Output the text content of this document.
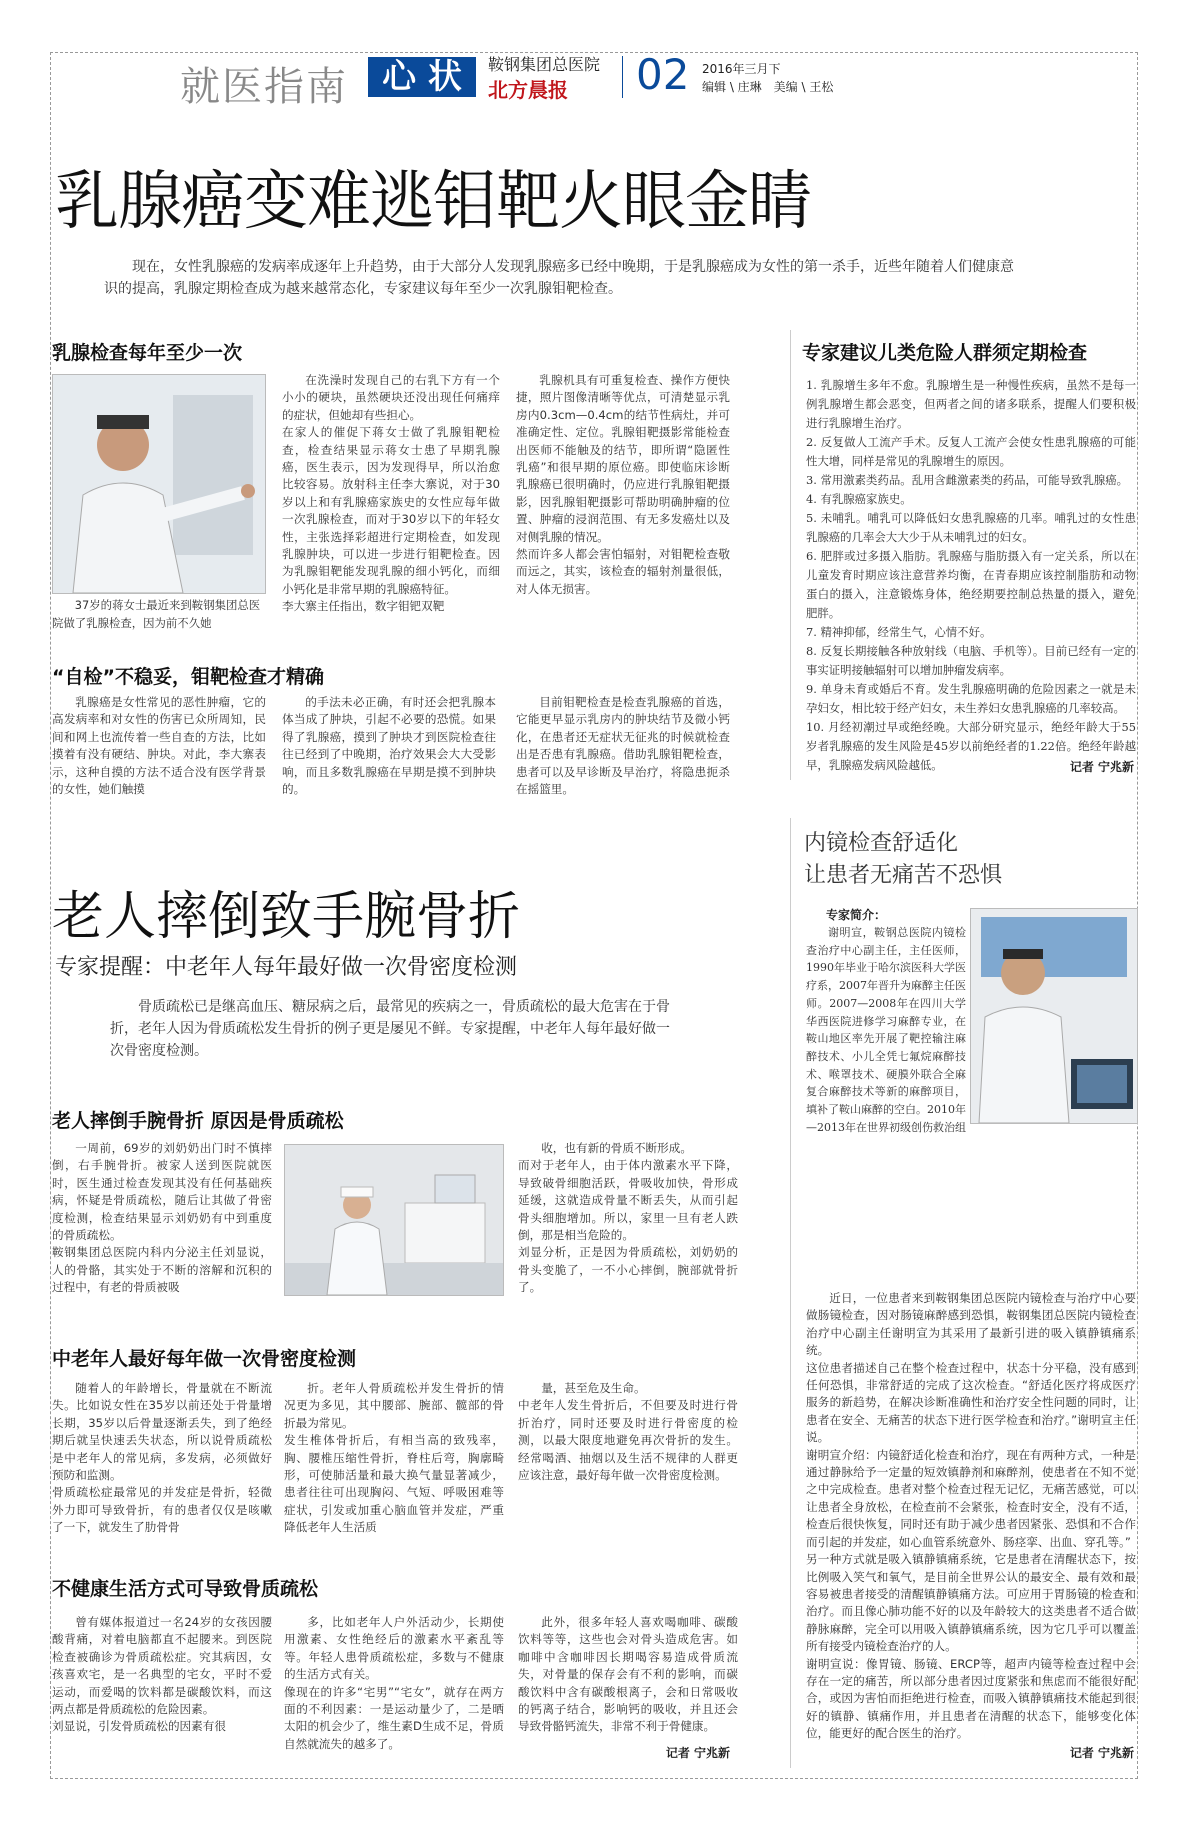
就医指南	心 状	鞍钢集团总医院
北方晨报 02 2016年三月下
编辑 \ 庄琳　美编 \ 王松
乳腺癌变难逃钼靶火眼金睛
现在，女性乳腺癌的发病率成逐年上升趋势，由于大部分人发现乳腺癌多已经中晚期，于是乳腺癌成为女性的第一杀手，近些年随着人们健康意识的提高，乳腺定期检查成为越来越常态化，专家建议每年至少一次乳腺钼靶检查。
乳腺检查每年至少一次
37岁的蒋女士最近来到鞍钢集团总医院做了乳腺检查，因为前不久她
在洗澡时发现自己的右乳下方有一个小小的硬块，虽然硬块还没出现任何痛痒的症状，但她却有些担心。
在家人的催促下蒋女士做了乳腺钼靶检查，检查结果显示蒋女士患了早期乳腺癌，医生表示，因为发现得早，所以治愈比较容易。放射科主任李大寨说，对于30岁以上和有乳腺癌家族史的女性应每年做一次乳腺检查，而对于30岁以下的年轻女性，主张选择彩超进行定期检查，如发现乳腺肿块，可以进一步进行钼靶检查。因为乳腺钼靶能发现乳腺的细小钙化，而细小钙化是非常早期的乳腺癌特征。
李大寨主任指出，数字钼钯双靶
乳腺机具有可重复检查、操作方便快捷，照片图像清晰等优点，可清楚显示乳房内0.3cm—0.4cm的结节性病灶，并可准确定性、定位。乳腺钼靶摄影常能检查出医师不能触及的结节，即所谓“隐匿性乳癌”和很早期的原位癌。即使临床诊断乳腺癌已很明确时，仍应进行乳腺钼靶摄影，因乳腺钼靶摄影可帮助明确肿瘤的位置、肿瘤的浸润范围、有无多发癌灶以及对侧乳腺的情况。
然而许多人都会害怕辐射，对钼靶检查敬而远之，其实，该检查的辐射剂量很低，对人体无损害。
“自检”不稳妥，钼靶检查才精确
乳腺癌是女性常见的恶性肿瘤，它的高发病率和对女性的伤害已众所周知，民间和网上也流传着一些自查的方法，比如摸着有没有硬结、肿块。对此，李大寨表示，这种自摸的方法不适合没有医学背景的女性，她们触摸
的手法未必正确，有时还会把乳腺本体当成了肿块，引起不必要的恐慌。如果得了乳腺癌，摸到了肿块才到医院检查往往已经到了中晚期，治疗效果会大大受影响，而且多数乳腺癌在早期是摸不到肿块的。
目前钼靶检查是检查乳腺癌的首选，它能更早显示乳房内的肿块结节及微小钙化，在患者还无症状无征兆的时候就检查出是否患有乳腺癌。借助乳腺钼靶检查，患者可以及早诊断及早治疗，将隐患扼杀在摇篮里。
专家建议儿类危险人群须定期检查

1. 乳腺增生多年不愈。乳腺增生是一种慢性疾病，虽然不是每一例乳腺增生都会恶变，但两者之间的诸多联系，提醒人们要积极进行乳腺增生治疗。

2. 反复做人工流产手术。反复人工流产会使女性患乳腺癌的可能性大增，同样是常见的乳腺增生的原因。

3. 常用激素类药品。乱用含雌激素类的药品，可能导致乳腺癌。

4. 有乳腺癌家族史。

5. 未哺乳。哺乳可以降低妇女患乳腺癌的几率。哺乳过的女性患乳腺癌的几率会大大少于从未哺乳过的妇女。

6. 肥胖或过多摄入脂肪。乳腺癌与脂肪摄入有一定关系，所以在儿童发育时期应该注意营养均衡，在青春期应该控制脂肪和动物蛋白的摄入，注意锻炼身体，绝经期要控制总热量的摄入，避免肥胖。

7. 精神抑郁，经常生气，心情不好。

8. 反复长期接触各种放射线（电脑、手机等）。目前已经有一定的事实证明接触辐射可以增加肿瘤发病率。

9. 单身未育或婚后不育。发生乳腺癌明确的危险因素之一就是未孕妇女，相比较于经产妇女，未生养妇女患乳腺癌的几率较高。

10. 月经初潮过早或绝经晚。大部分研究显示，绝经年龄大于55岁者乳腺癌的发生风险是45岁以前绝经者的1.22倍。绝经年龄越早，乳腺癌发病风险越低。	记者 宁兆新
老人摔倒致手腕骨折
专家提醒：中老年人每年最好做一次骨密度检测
骨质疏松已是继高血压、糖尿病之后，最常见的疾病之一，骨质疏松的最大危害在于骨折，老年人因为骨质疏松发生骨折的例子更是屡见不鲜。专家提醒，中老年人每年最好做一次骨密度检测。
老人摔倒手腕骨折 原因是骨质疏松
一周前，69岁的刘奶奶出门时不慎摔倒，右手腕骨折。被家人送到医院就医时，医生通过检查发现其没有任何基础疾病，怀疑是骨质疏松，随后让其做了骨密度检测，检查结果显示刘奶奶有中到重度的骨质疏松。
鞍钢集团总医院内科内分泌主任刘显说，人的骨骼，其实处于不断的溶解和沉积的过程中，有老的骨质被吸
收，也有新的骨质不断形成。
而对于老年人，由于体内激素水平下降，导致破骨细胞活跃，骨吸收加快，骨形成延缓，这就造成骨量不断丢失，从而引起骨头细胞增加。所以，家里一旦有老人跌倒，那是相当危险的。
刘显分析，正是因为骨质疏松，刘奶奶的骨头变脆了，一不小心摔倒，腕部就骨折了。
中老年人最好每年做一次骨密度检测
随着人的年龄增长，骨量就在不断流失。比如说女性在35岁以前还处于骨量增长期，35岁以后骨量逐渐丢失，到了绝经期后就呈快速丢失状态，所以说骨质疏松是中老年人的常见病，多发病，必须做好预防和监测。
骨质疏松症最常见的并发症是骨折，轻微外力即可导致骨折，有的患者仅仅是咳嗽了一下，就发生了肋骨骨
折。老年人骨质疏松并发生骨折的情况更为多见，其中腰部、腕部、髋部的骨折最为常见。
发生椎体骨折后，有相当高的致残率，胸、腰椎压缩性骨折，脊柱后弯，胸廓畸形，可使肺活量和最大换气量显著减少，患者往往可出现胸闷、气短、呼吸困难等症状，引发或加重心脑血管并发症，严重降低老年人生活质
量，甚至危及生命。
中老年人发生骨折后，不但要及时进行骨折治疗，同时还要及时进行骨密度的检测，以最大限度地避免再次骨折的发生。经常喝酒、抽烟以及生活不规律的人群更应该注意，最好每年做一次骨密度检测。
不健康生活方式可导致骨质疏松
曾有媒体报道过一名24岁的女孩因腰酸背痛，对着电脑都直不起腰来。到医院检查被确诊为骨质疏松症。究其病因，女孩喜欢宅，是一名典型的宅女，平时不爱运动，而爱喝的饮料都是碳酸饮料，而这两点都是骨质疏松的危险因素。
刘显说，引发骨质疏松的因素有很
多，比如老年人户外活动少，长期使用激素、女性绝经后的激素水平紊乱等等。年轻人患骨质疏松症，多数与不健康的生活方式有关。
像现在的许多“宅男”“宅女”，就存在两方面的不利因素：一是运动量少了，二是晒太阳的机会少了，维生素D生成不足，骨质自然就流失的越多了。
此外，很多年轻人喜欢喝咖啡、碳酸饮料等等，这些也会对骨头造成危害。如咖啡中含咖啡因长期喝容易造成骨质流失，对骨量的保存会有不利的影响，而碳酸饮料中含有碳酸根离子，会和日常吸收的钙离子结合，影响钙的吸收，并且还会导致骨骼钙流失，非常不利于骨健康。
记者 宁兆新
内镜检查舒适化
让患者无痛苦不恐惧
专家简介：
谢明宣，鞍钢总医院内镜检查治疗中心副主任，主任医师，1990年毕业于哈尔滨医科大学医疗系，2007年晋升为麻醉主任医师。2007—2008年在四川大学华西医院进修学习麻醉专业，在鞍山地区率先开展了靶控输注麻醉技术、小儿全凭七氟烷麻醉技术、喉罩技术、硬膜外联合全麻复合麻醉技术等新的麻醉项目，填补了鞍山麻醉的空白。2010年—2013年在世界初级创伤救治组
近日，一位患者来到鞍钢集团总医院内镜检查与治疗中心要做肠镜检查，因对肠镜麻醉感到恐惧，鞍钢集团总医院内镜检查治疗中心副主任谢明宣为其采用了最新引进的吸入镇静镇痛系统。
这位患者描述自己在整个检查过程中，状态十分平稳，没有感到任何恐惧，非常舒适的完成了这次检查。“舒适化医疗将成医疗服务的新趋势，在解决诊断准确性和治疗安全性问题的同时，让患者在安全、无痛苦的状态下进行医学检查和治疗。”谢明宣主任说。
谢明宣介绍：内镜舒适化检查和治疗，现在有两种方式，一种是通过静脉给予一定量的短效镇静剂和麻醉剂，使患者在不知不觉之中完成检查。患者对整个检查过程无记忆，无痛苦感觉，可以让患者全身放松，在检查前不会紧张，检查时安全，没有不适，检查后很快恢复，同时还有助于减少患者因紧张、恐惧和不合作而引起的并发症，如心血管系统意外、肠痉挛、出血、穿孔等。”
另一种方式就是吸入镇静镇痛系统，它是患者在清醒状态下，按比例吸入笑气和氧气，是目前全世界公认的最安全、最有效和最容易被患者接受的清醒镇静镇痛方法。可应用于胃肠镜的检查和治疗。而且像心肺功能不好的以及年龄较大的这类患者不适合做静脉麻醉，完全可以用吸入镇静镇痛系统，因为它几乎可以覆盖所有接受内镜检查治疗的人。
谢明宣说：像胃镜、肠镜、ERCP等，超声内镜等检查过程中会存在一定的痛苦，所以部分患者因过度紧张和焦虑而不能很好配合，或因为害怕而拒绝进行检查，而吸入镇静镇痛技术能起到很好的镇静、镇痛作用，并且患者在清醒的状态下，能够变化体位，能更好的配合医生的治疗。
记者 宁兆新
